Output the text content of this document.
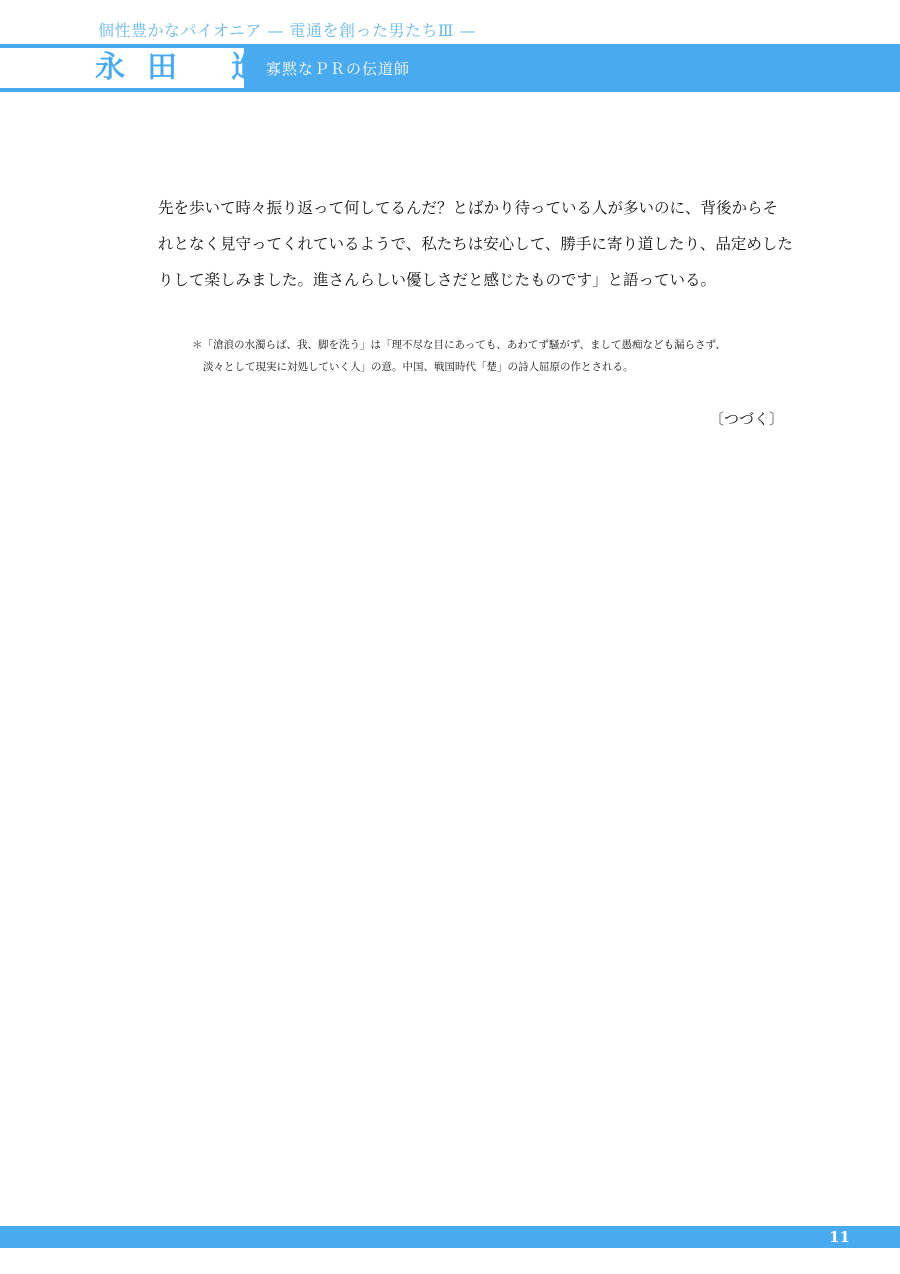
個性豊かなパイオニア — 電通を創った男たちⅢ —
永田 進
寡黙なＰＲの伝道師
先を歩いて時々振り返って何してるんだ？とばかり待っている人が多いのに、背後からそ
れとなく見守ってくれているようで、私たちは安心して、勝手に寄り道したり、品定めした
りして楽しみました。進さんらしい優しさだと感じたものです」と語っている。
＊「滄浪の水濁らば、我、脚を洗う」は「理不尽な目にあっても、あわてず騒がず、まして愚痴なども漏らさず、
淡々として現実に対処していく人」の意。中国、戦国時代「楚」の詩人屈原の作とされる。
〔つづく〕
11
